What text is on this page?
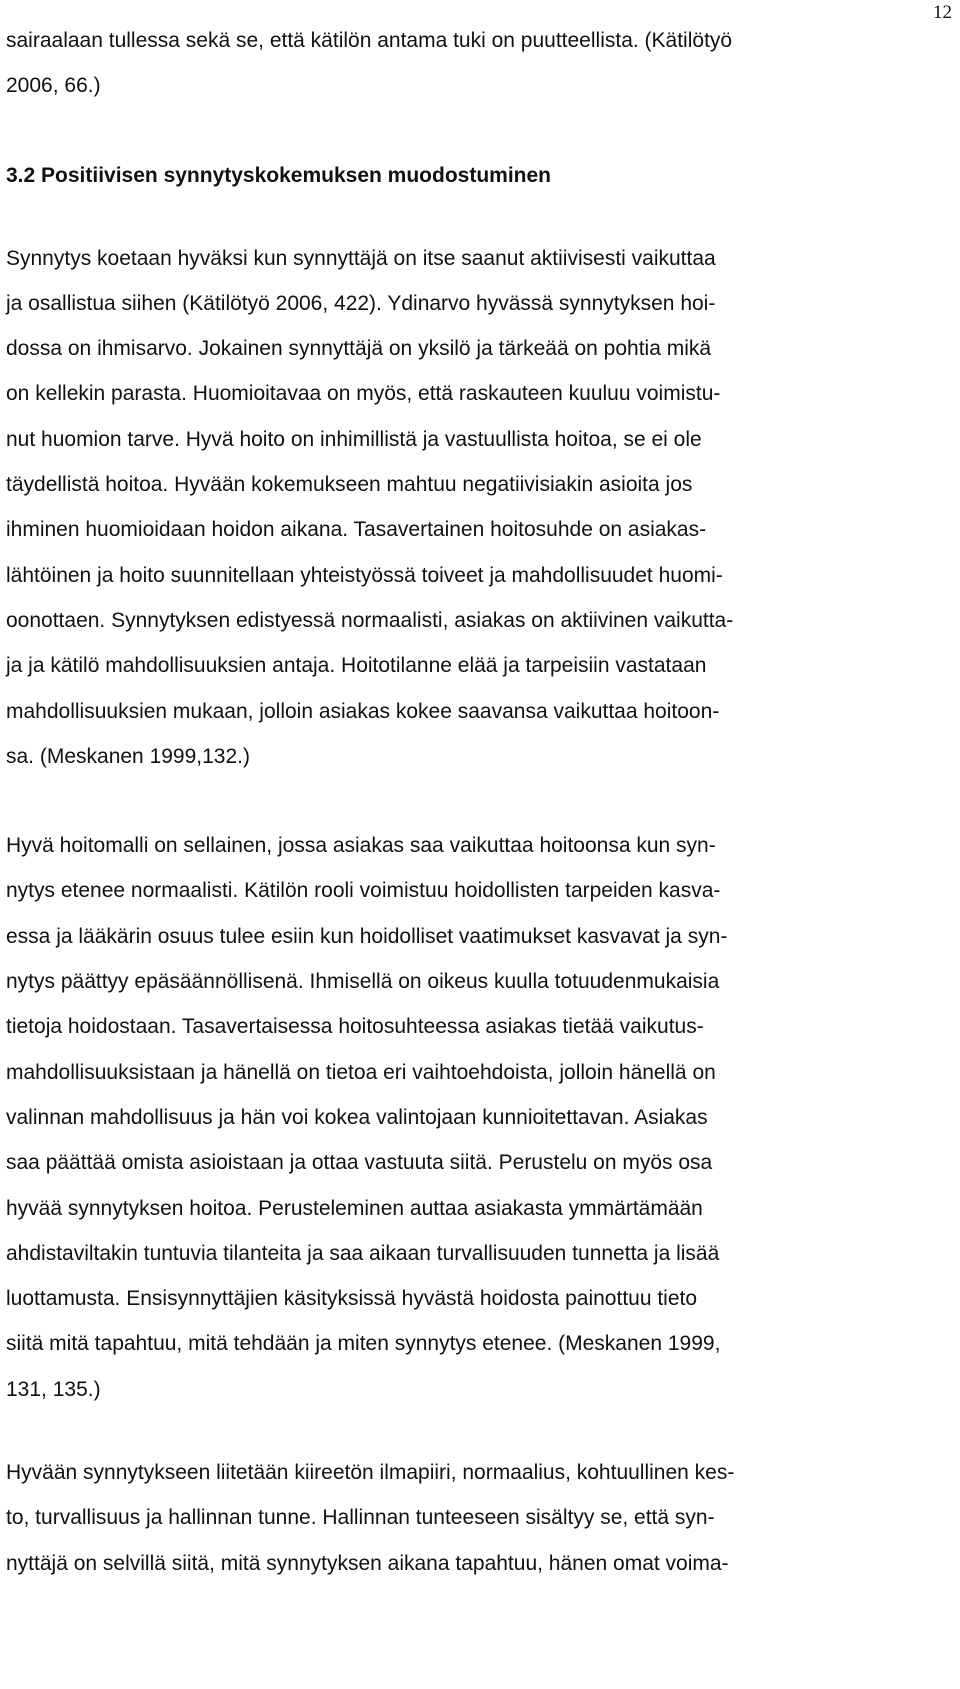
12
sairaalaan tullessa sekä se, että kätilön antama tuki on puutteellista. (Kätilötyö
2006, 66.)
3.2 Positiivisen synnytyskokemuksen muodostuminen
Synnytys koetaan hyväksi kun synnyttäjä on itse saanut aktiivisesti vaikuttaa
ja osallistua siihen (Kätilötyö 2006, 422). Ydinarvo hyvässä synnytyksen hoi-
dossa on ihmisarvo. Jokainen synnyttäjä on yksilö ja tärkeää on pohtia mikä
on kellekin parasta. Huomioitavaa on myös, että raskauteen kuuluu voimistu-
nut huomion tarve. Hyvä hoito on inhimillistä ja vastuullista hoitoa, se ei ole
täydellistä hoitoa. Hyvään kokemukseen mahtuu negatiivisiakin asioita jos
ihminen huomioidaan hoidon aikana. Tasavertainen hoitosuhde on asiakas-
lähtöinen ja hoito suunnitellaan yhteistyössä toiveet ja mahdollisuudet huomi-
oonottaen. Synnytyksen edistyessä normaalisti, asiakas on aktiivinen vaikutta-
ja ja kätilö mahdollisuuksien antaja. Hoitotilanne elää ja tarpeisiin vastataan
mahdollisuuksien mukaan, jolloin asiakas kokee saavansa vaikuttaa hoitoon-
sa. (Meskanen 1999,132.)
Hyvä hoitomalli on sellainen, jossa asiakas saa vaikuttaa hoitoonsa kun syn-
nytys etenee normaalisti. Kätilön rooli voimistuu hoidollisten tarpeiden kasva-
essa ja lääkärin osuus tulee esiin kun hoidolliset vaatimukset kasvavat ja syn-
nytys päättyy epäsäännöllisenä. Ihmisellä on oikeus kuulla totuudenmukaisia
tietoja hoidostaan. Tasavertaisessa hoitosuhteessa asiakas tietää vaikutus-
mahdollisuuksistaan ja hänellä on tietoa eri vaihtoehdoista, jolloin hänellä on
valinnan mahdollisuus ja hän voi kokea valintojaan kunnioitettavan. Asiakas
saa päättää omista asioistaan ja ottaa vastuuta siitä. Perustelu on myös osa
hyvää synnytyksen hoitoa. Perusteleminen auttaa asiakasta ymmärtämään
ahdistaviltakin tuntuvia tilanteita ja saa aikaan turvallisuuden tunnetta ja lisää
luottamusta. Ensisynnyttäjien käsityksissä hyvästä hoidosta painottuu tieto
siitä mitä tapahtuu, mitä tehdään ja miten synnytys etenee. (Meskanen 1999,
131, 135.)
Hyvään synnytykseen liitetään kiireetön ilmapiiri, normaalius, kohtuullinen kes-
to, turvallisuus ja hallinnan tunne. Hallinnan tunteeseen sisältyy se, että syn-
nyttäjä on selvillä siitä, mitä synnytyksen aikana tapahtuu, hänen omat voima-
